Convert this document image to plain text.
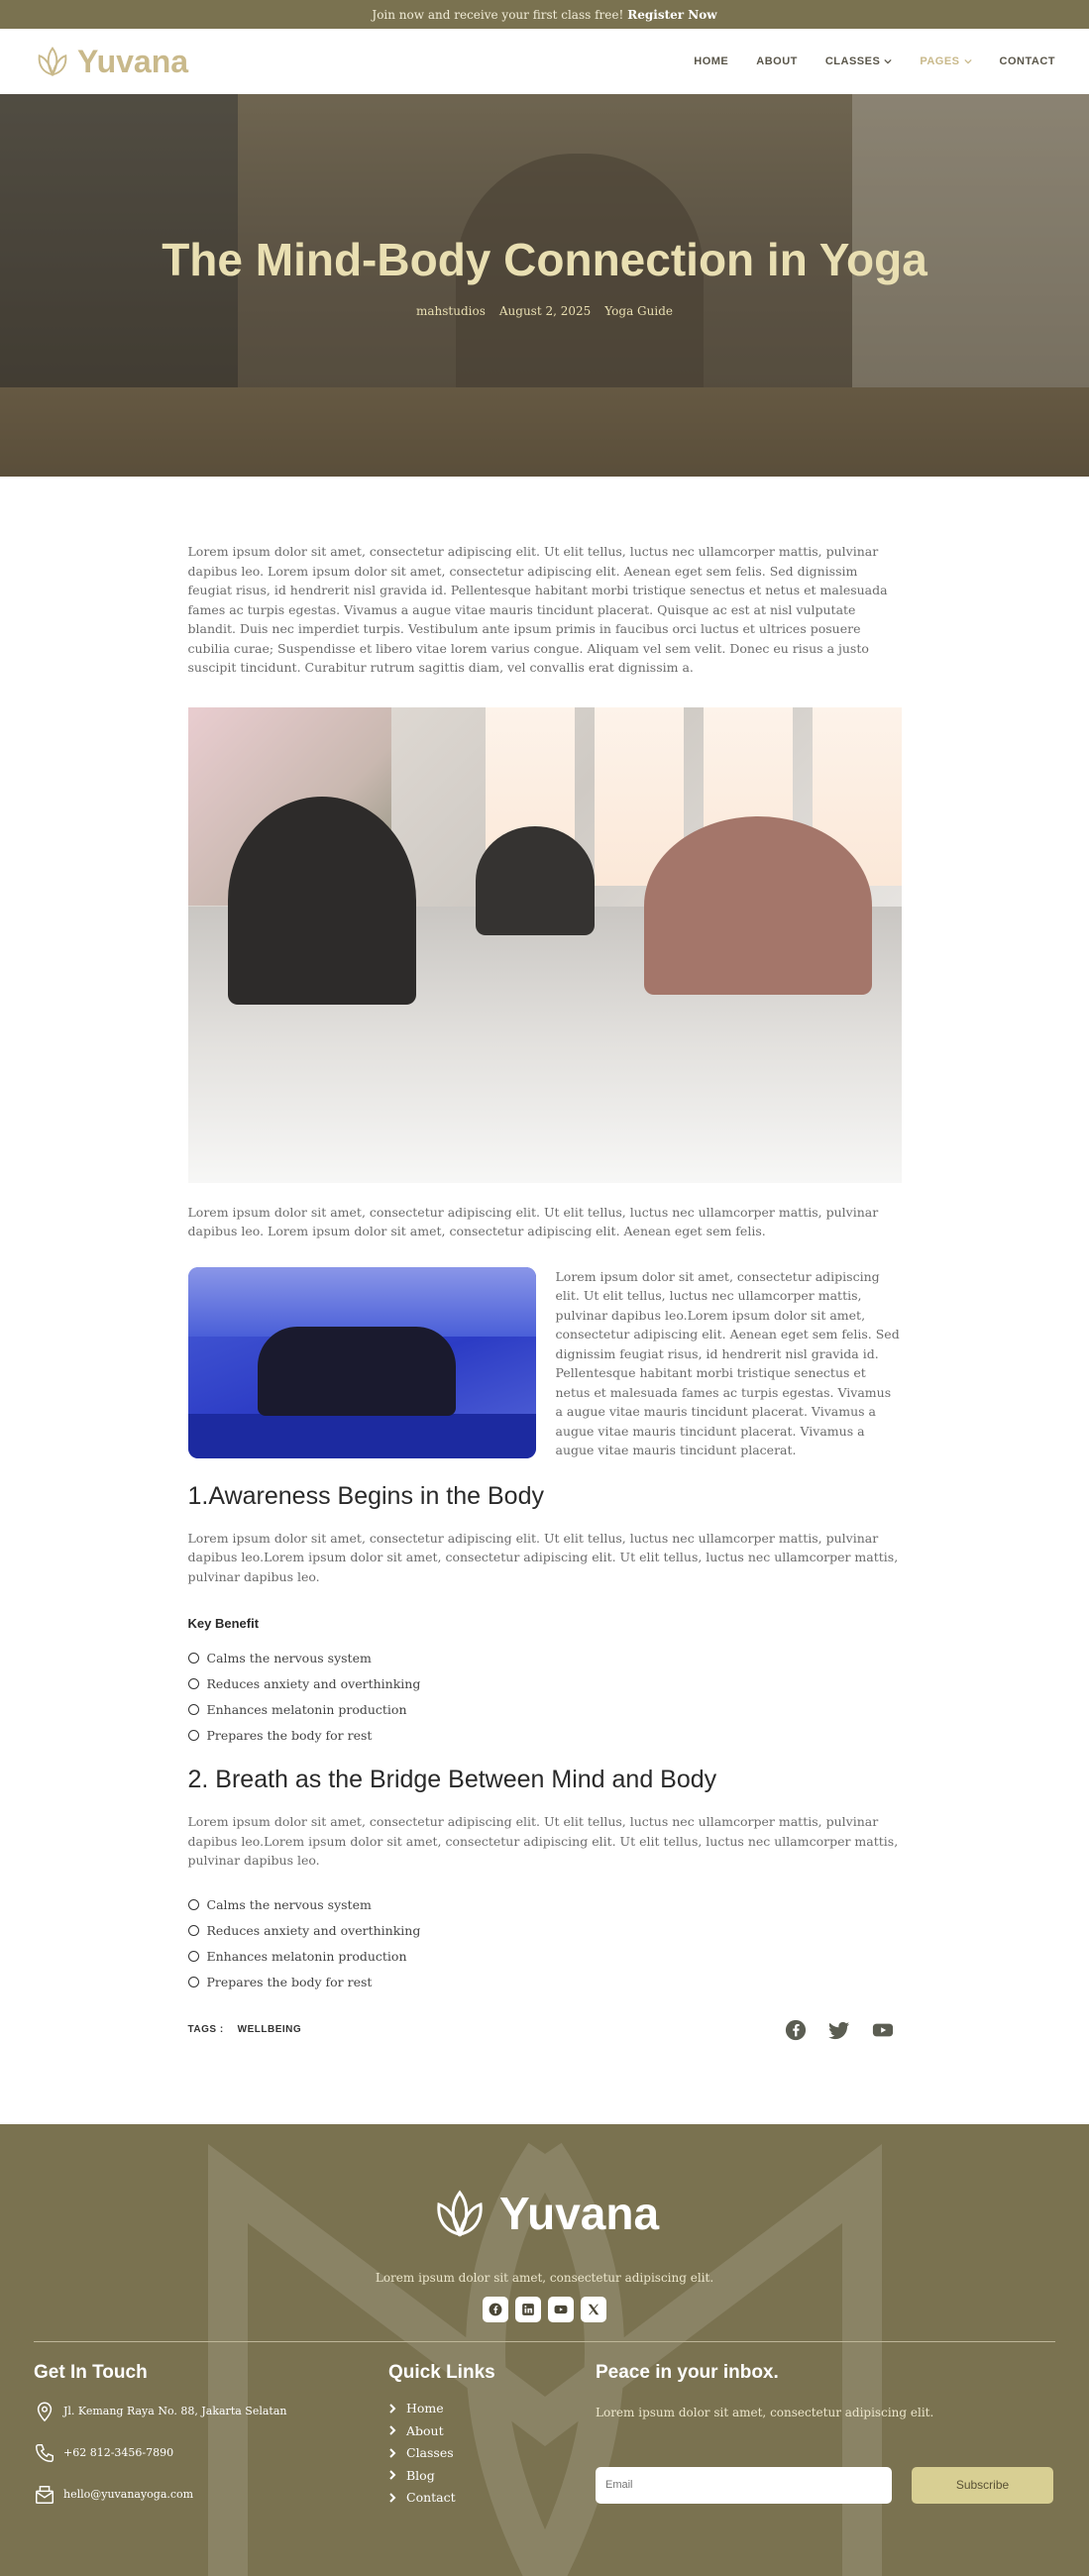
Join now and receive your first class free! Register Now
Yuvana	HOME	ABOUT	CLASSES	PAGES	CONTACT
The Mind-Body Connection in Yoga
mahstudios August 2, 2025 Yoga Guide

Lorem ipsum dolor sit amet, consectetur adipiscing elit. Ut elit tellus, luctus nec ullamcorper mattis, pulvinar dapibus leo. Lorem ipsum dolor sit amet, consectetur adipiscing elit. Aenean eget sem felis. Sed dignissim feugiat risus, id hendrerit nisl gravida id. Pellentesque habitant morbi tristique senectus et netus et malesuada fames ac turpis egestas. Vivamus a augue vitae mauris tincidunt placerat. Quisque ac est at nisl vulputate blandit. Duis nec imperdiet turpis. Vestibulum ante ipsum primis in faucibus orci luctus et ultrices posuere cubilia curae; Suspendisse et libero vitae lorem varius congue. Aliquam vel sem velit. Donec eu risus a justo suscipit tincidunt. Curabitur rutrum sagittis diam, vel convallis erat dignissim a.

Lorem ipsum dolor sit amet, consectetur adipiscing elit. Ut elit tellus, luctus nec ullamcorper mattis, pulvinar dapibus leo. Lorem ipsum dolor sit amet, consectetur adipiscing elit. Aenean eget sem felis.

Lorem ipsum dolor sit amet, consectetur adipiscing elit. Ut elit tellus, luctus nec ullamcorper mattis, pulvinar dapibus leo.Lorem ipsum dolor sit amet, consectetur adipiscing elit. Aenean eget sem felis. Sed dignissim feugiat risus, id hendrerit nisl gravida id. Pellentesque habitant morbi tristique senectus et netus et malesuada fames ac turpis egestas. Vivamus a augue vitae mauris tincidunt placerat. Vivamus a augue vitae mauris tincidunt placerat. Vivamus a augue vitae mauris tincidunt placerat.

1.Awareness Begins in the Body

Lorem ipsum dolor sit amet, consectetur adipiscing elit. Ut elit tellus, luctus nec ullamcorper mattis, pulvinar dapibus leo.Lorem ipsum dolor sit amet, consectetur adipiscing elit. Ut elit tellus, luctus nec ullamcorper mattis, pulvinar dapibus leo.

Key Benefit
Calms the nervous system
Reduces anxiety and overthinking
Enhances melatonin production
Prepares the body for rest
2. Breath as the Bridge Between Mind and Body

Lorem ipsum dolor sit amet, consectetur adipiscing elit. Ut elit tellus, luctus nec ullamcorper mattis, pulvinar dapibus leo.Lorem ipsum dolor sit amet, consectetur adipiscing elit. Ut elit tellus, luctus nec ullamcorper mattis, pulvinar dapibus leo.

Calms the nervous system
Reduces anxiety and overthinking
Enhances melatonin production
Prepares the body for rest
TAGS : WELLBEING
Yuvana
Lorem ipsum dolor sit amet, consectetur adipiscing elit.
Get In Touch
Jl. Kemang Raya No. 88, Jakarta Selatan
+62 812-3456-7890
hello@yuvanayoga.com
Quick Links
Home
About
Classes
Blog
Contact
Peace in your inbox.
Lorem ipsum dolor sit amet, consectetur adipiscing elit.
Email
Subscribe
